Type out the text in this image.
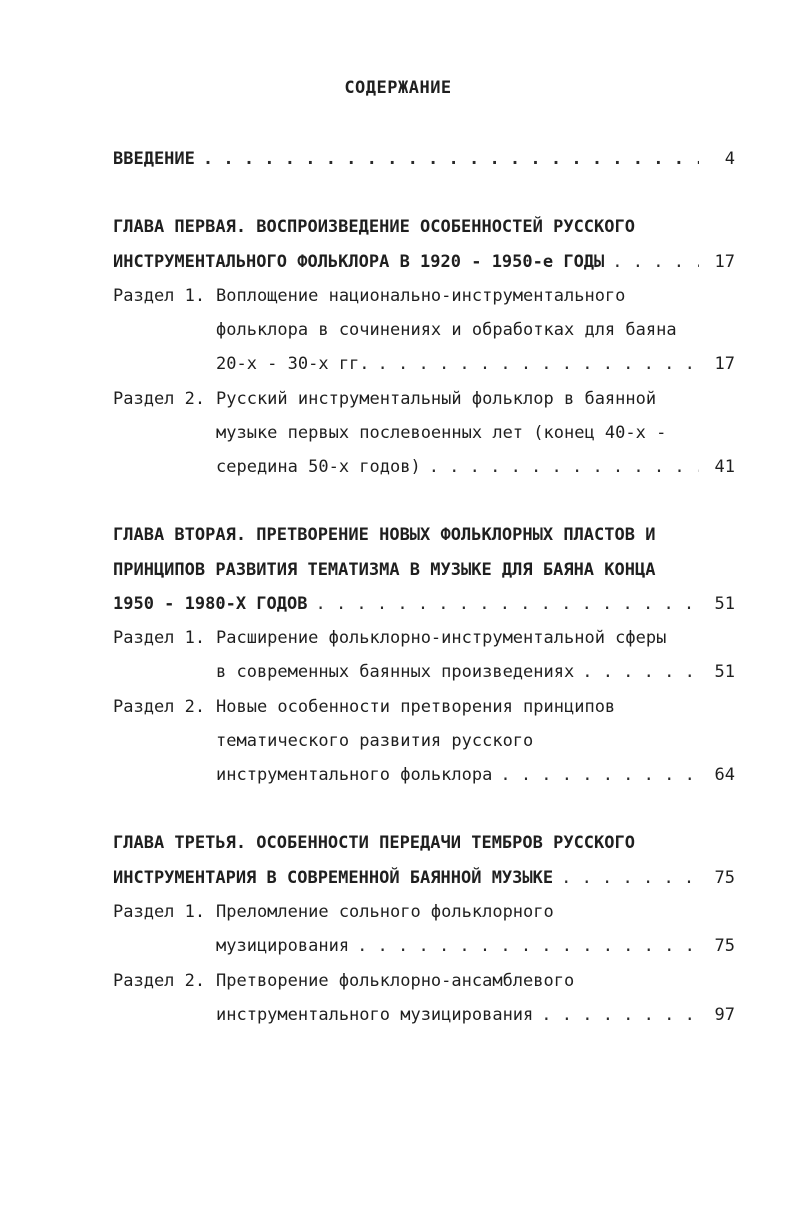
СОДЕРЖАНИЕ
ВВЕДЕНИЕ . . .	4
ГЛАВА ПЕРВАЯ. ВОСПРОИЗВЕДЕНИЕ ОСОБЕННОСТЕЙ РУССКОГО
ИНСТРУМЕНТАЛЬНОГО ФОЛЬКЛОРА В 1920 - 1950-е ГОДЫ . . .	17
Раздел 1. Воплощение национально-инструментального
фольклора в сочинениях и обработках для баяна
20-х - 30-х гг. . . .	17
Раздел 2. Русский инструментальный фольклор в баянной
музыке первых послевоенных лет (конец 40-х -
середина 50-х годов) . . .	41
ГЛАВА ВТОРАЯ. ПРЕТВОРЕНИЕ НОВЫХ ФОЛЬКЛОРНЫХ ПЛАСТОВ И
ПРИНЦИПОВ РАЗВИТИЯ ТЕМАТИЗМА В МУЗЫКЕ ДЛЯ БАЯНА КОНЦА
1950 - 1980-Х ГОДОВ . . .	51
Раздел 1. Расширение фольклорно-инструментальной сферы
в современных баянных произведениях . . .	51
Раздел 2. Новые особенности претворения принципов
тематического развития русского
инструментального фольклора . . .	64
ГЛАВА ТРЕТЬЯ. ОСОБЕННОСТИ ПЕРЕДАЧИ ТЕМБРОВ РУССКОГО
ИНСТРУМЕНТАРИЯ В СОВРЕМЕННОЙ БАЯННОЙ МУЗЫКЕ . . .	75
Раздел 1. Преломление сольного фольклорного
музицирования . . .	75
Раздел 2. Претворение фольклорно-ансамблевого
инструментального музицирования . . .	97
